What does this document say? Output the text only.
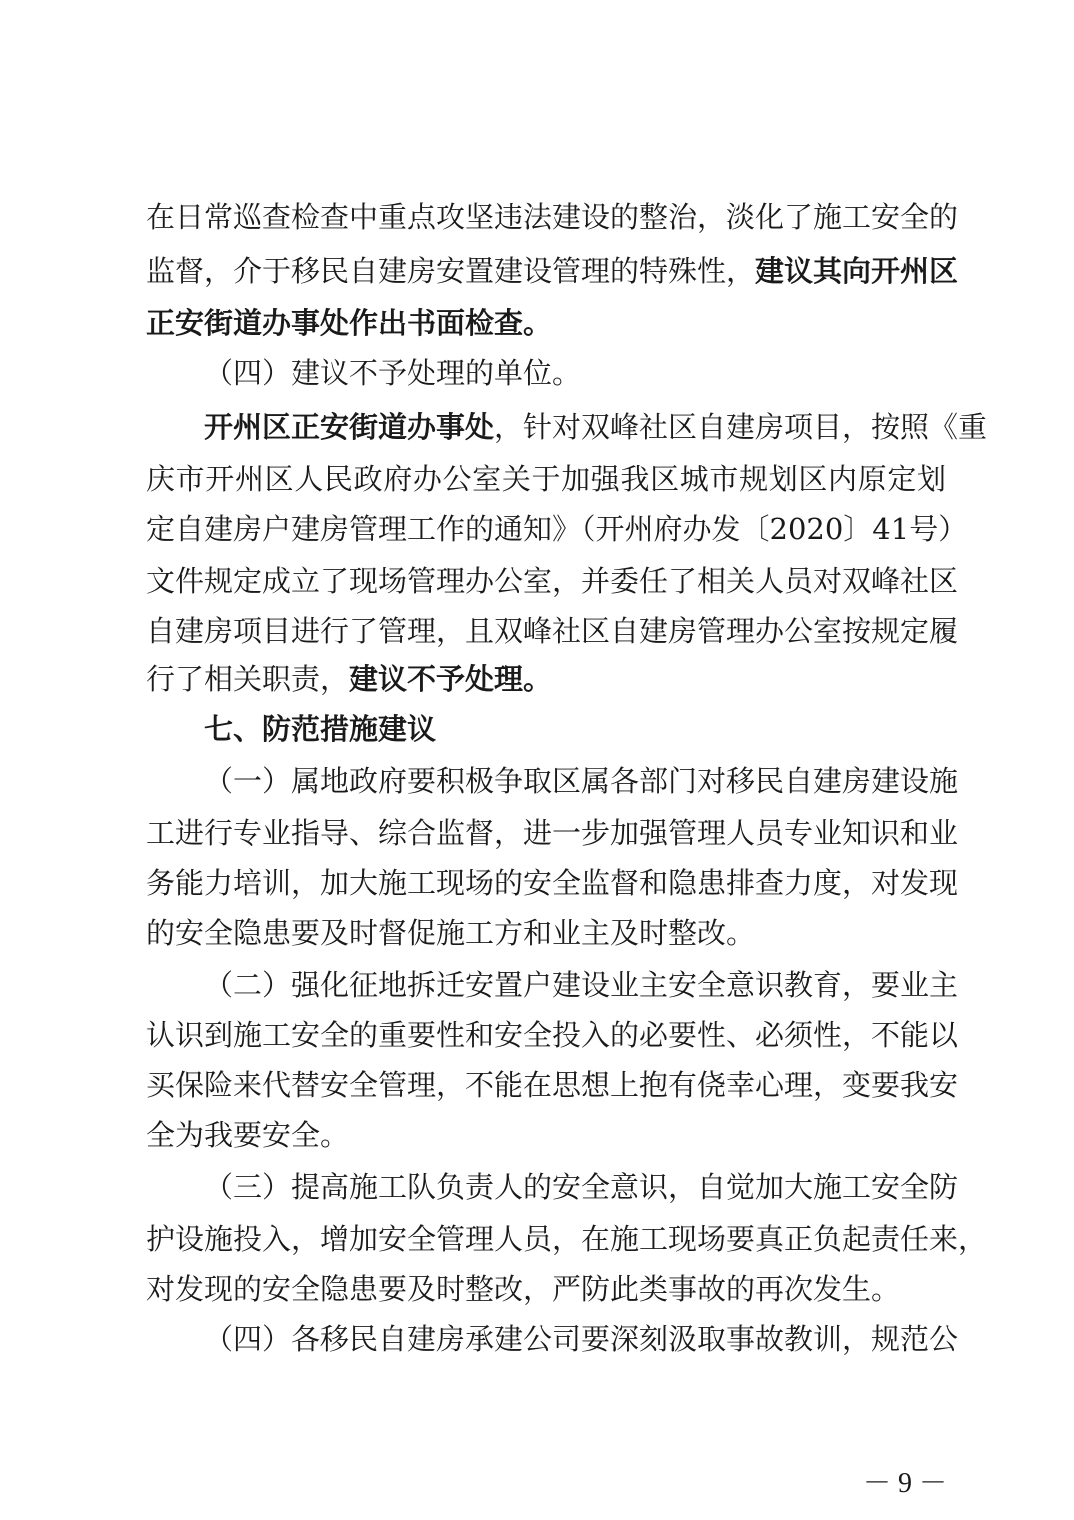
在日常巡查检查中重点攻坚违法建设的整治，淡化了施工安全的
监督，介于移民自建房安置建设管理的特殊性，建议其向开州区
正安街道办事处作出书面检查。
（四）建议不予处理的单位。
开州区正安街道办事处，针对双峰社区自建房项目，按照《重
庆市开州区人民政府办公室关于加强我区城市规划区内原定划
定自建房户建房管理工作的通知》（开州府办发〔2020〕41号）
文件规定成立了现场管理办公室，并委任了相关人员对双峰社区
自建房项目进行了管理，且双峰社区自建房管理办公室按规定履
行了相关职责，建议不予处理。
七、防范措施建议
（一）属地政府要积极争取区属各部门对移民自建房建设施
工进行专业指导、综合监督，进一步加强管理人员专业知识和业
务能力培训，加大施工现场的安全监督和隐患排查力度，对发现
的安全隐患要及时督促施工方和业主及时整改。
（二）强化征地拆迁安置户建设业主安全意识教育，要业主
认识到施工安全的重要性和安全投入的必要性、必须性，不能以
买保险来代替安全管理，不能在思想上抱有侥幸心理，变要我安
全为我要安全。
（三）提高施工队负责人的安全意识，自觉加大施工安全防
护设施投入，增加安全管理人员，在施工现场要真正负起责任来，
对发现的安全隐患要及时整改，严防此类事故的再次发生。
（四）各移民自建房承建公司要深刻汲取事故教训，规范公
－ 9 －
